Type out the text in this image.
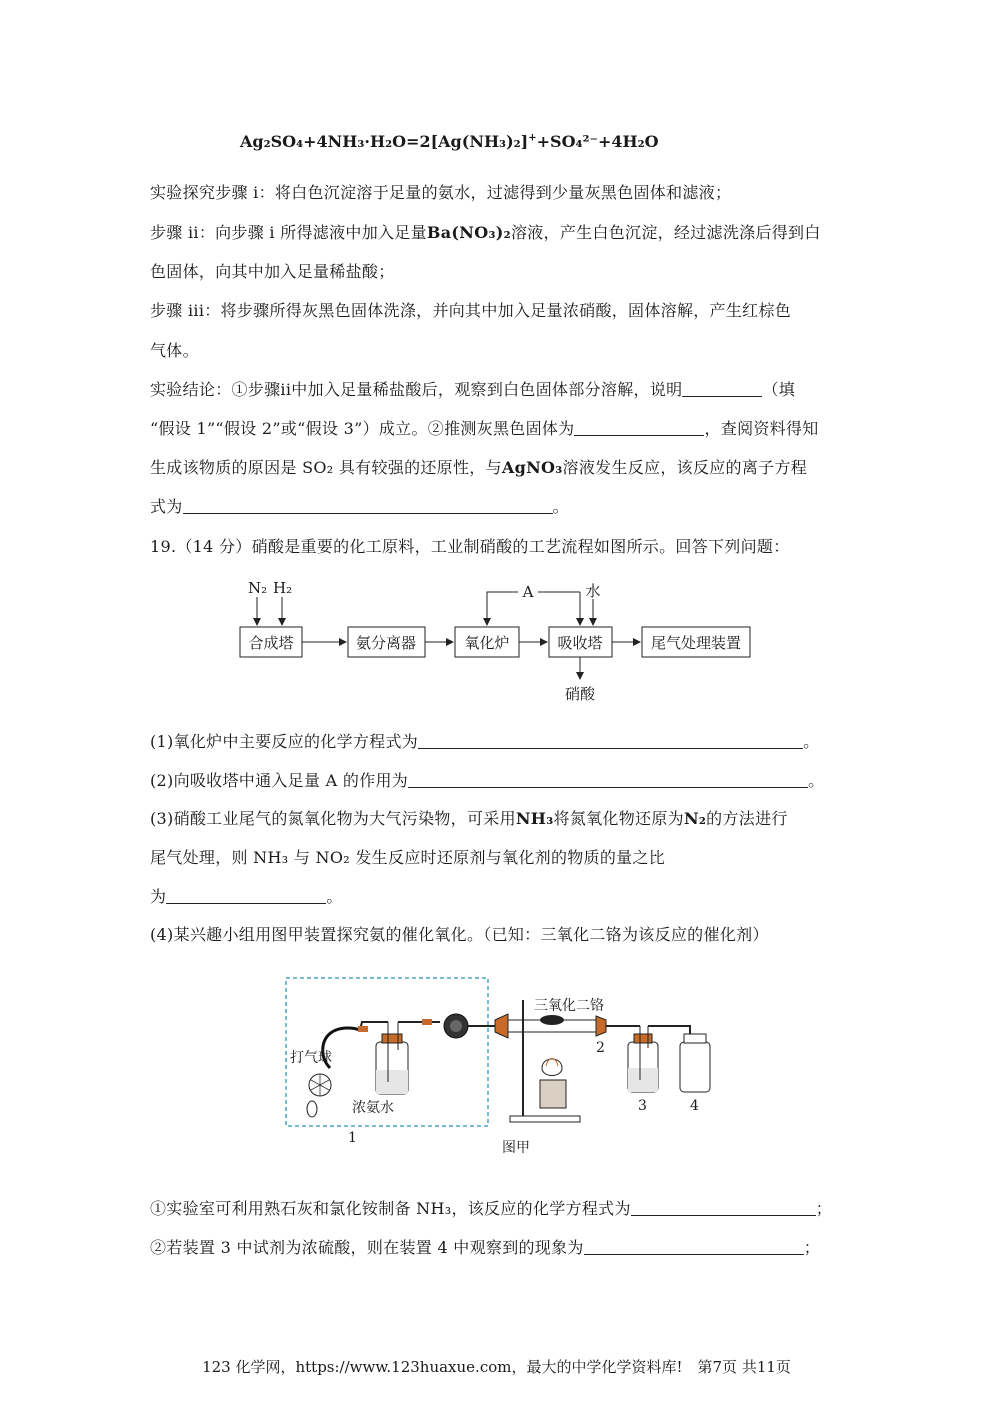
Ag₂SO₄+4NH₃·H₂O=2[Ag(NH₃)₂]++SO₄²⁻+4H₂O
实验探究步骤 i：将白色沉淀溶于足量的氨水，过滤得到少量灰黑色固体和滤液；
步骤 ii：向步骤 i 所得滤液中加入足量Ba(NO₃)₂溶液，产生白色沉淀，经过滤洗涤后得到白
色固体，向其中加入足量稀盐酸；
步骤 iii：将步骤所得灰黑色固体洗涤，并向其中加入足量浓硝酸，固体溶解，产生红棕色
气体。
实验结论：①步骤ii中加入足量稀盐酸后，观察到白色固体部分溶解，说明	（填
“假设 1”“假设 2”或“假设 3”）成立。②推测灰黑色固体为	，查阅资料得知
生成该物质的原因是 SO₂ 具有较强的还原性，与AgNO₃溶液发生反应，该反应的离子方程
式为	。
19.（14 分）硝酸是重要的化工原料，工业制硝酸的工艺流程如图所示。回答下列问题：
N₂ H₂
合成塔	氨分离器	氧化炉	吸收塔	尾气处理装置
A	水
硝酸
(1)氧化炉中主要反应的化学方程式为	。
(2)向吸收塔中通入足量 A 的作用为	。
(3)硝酸工业尾气的氮氧化物为大气污染物，可采用NH₃将氮氧化物还原为N₂的方法进行
尾气处理，则 NH₃ 与 NO₂ 发生反应时还原剂与氧化剂的物质的量之比
为	。
(4)某兴趣小组用图甲装置探究氨的催化氧化。（已知：三氧化二铬为该反应的催化剂）
打气球
浓氨水
1
三氧化二铬
2
3	4
图甲
①实验室可利用熟石灰和氯化铵制备 NH₃，该反应的化学方程式为	；
②若装置 3 中试剂为浓硫酸，则在装置 4 中观察到的现象为	；
123 化学网，https://www.123huaxue.com，最大的中学化学资料库!　第7页 共11页
